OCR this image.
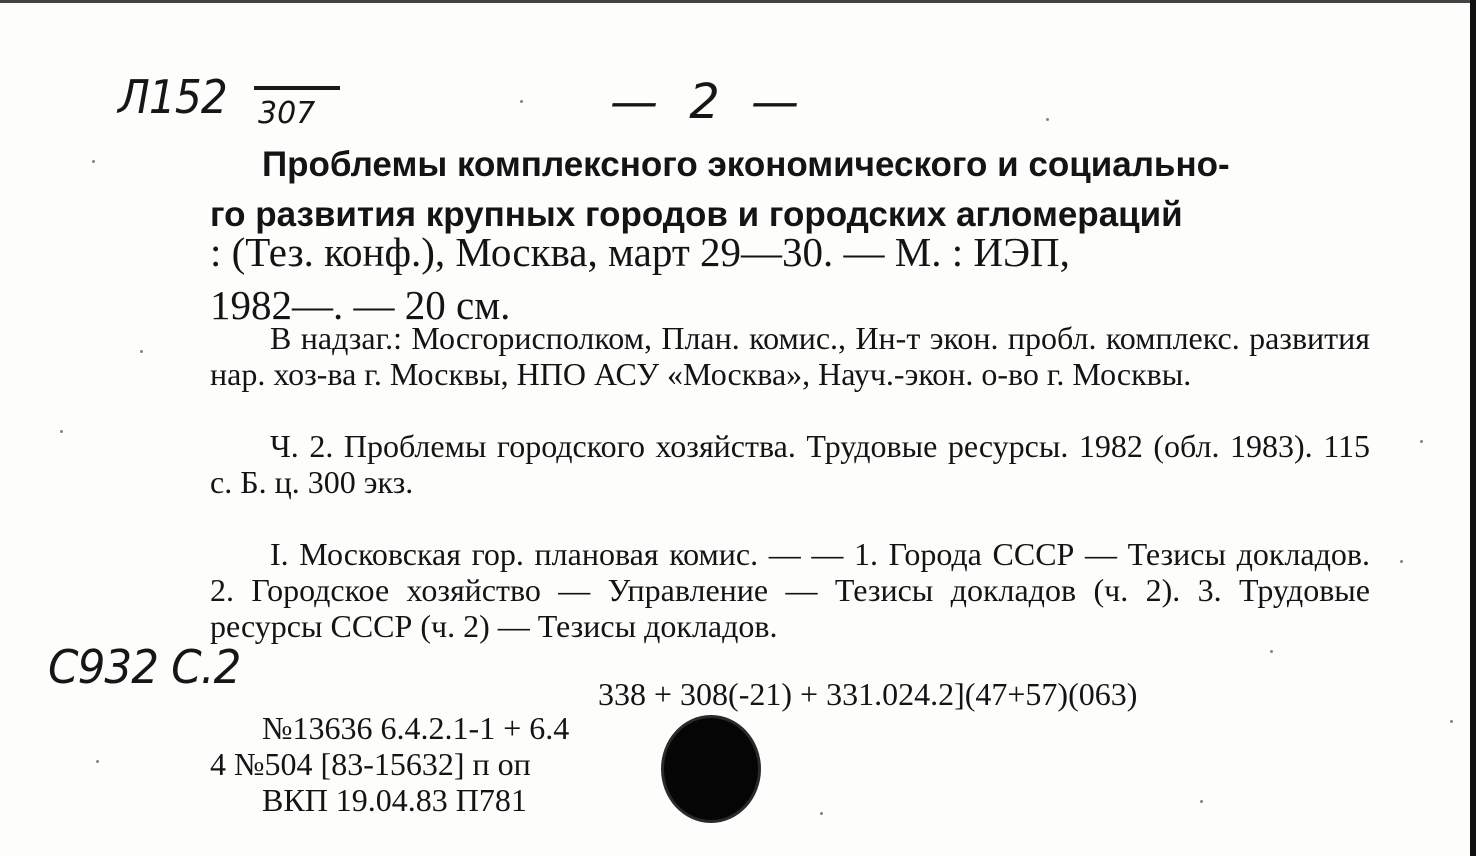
Л152 307	— 2 —
Проблемы комплексного экономического и социально-
го развития крупных городов и городских агломераций
: (Тез. конф.), Москва, март 29—30. — М. : ИЭП,
1982—. — 20 см.
В надзаг.: Мосгорисполком, План. комис., Ин-т экон. пробл. комплекс. развития нар. хоз-ва г. Москвы, НПО АСУ «Москва», Науч.-экон. о-во г. Москвы.
Ч. 2. Проблемы городского хозяйства. Трудовые ресурсы. 1982 (обл. 1983). 115 с. Б. ц. 300 экз.
I. Московская гор. плановая комис. — — 1. Города СССР — Тезисы докладов. 2. Городское хозяйство — Управление — Тезисы докладов (ч. 2). 3. Трудовые ресурсы СССР (ч. 2) — Тезисы докладов.
С932 С.2	338 + 308(-21) + 331.024.2](47+57)(063)
№13636 6.4.2.1-1 + 6.4
4 №504 [83-15632] п оп
ВКП 19.04.83 П781
